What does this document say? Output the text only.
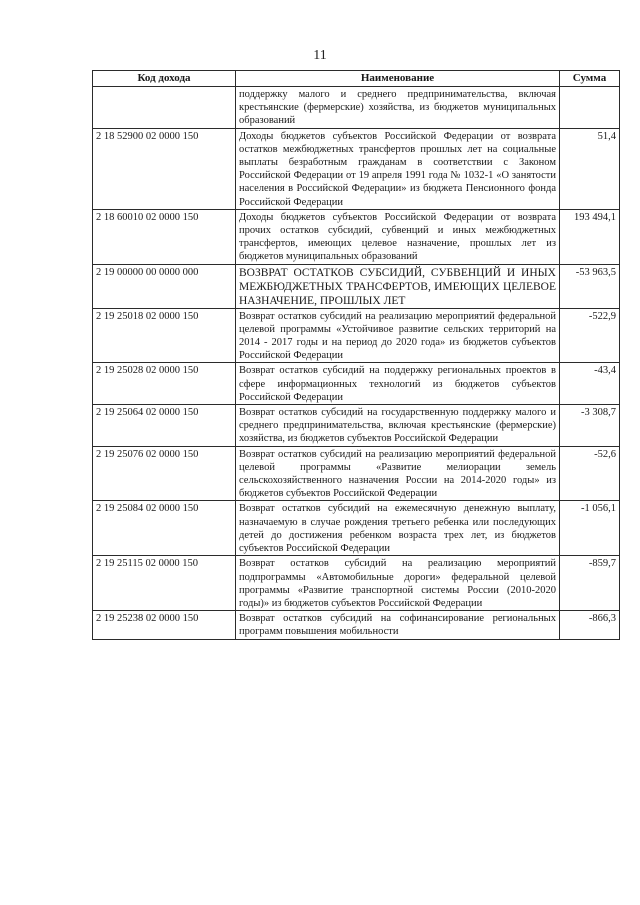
11
Код дохода	Наименование	Сумма
	поддержку малого и среднего предпринимательства, включая крестьянские (фермерские) хозяйства, из бюджетов муниципальных образований	
2 18 52900 02 0000 150	Доходы бюджетов субъектов Российской Федерации от возврата остатков межбюджетных трансфертов прошлых лет на социальные выплаты безработным гражданам в соответствии с Законом Российской Федерации от 19 апреля 1991 года № 1032-1 «О занятости населения в Российской Федерации» из бюджета Пенсионного фонда Российской Федерации	51,4
2 18 60010 02 0000 150	Доходы бюджетов субъектов Российской Федерации от возврата прочих остатков субсидий, субвенций и иных межбюджетных трансфертов, имеющих целевое назначение, прошлых лет из бюджетов муниципальных образований	193 494,1
2 19 00000 00 0000 000	ВОЗВРАТ ОСТАТКОВ СУБСИДИЙ, СУБВЕНЦИЙ И ИНЫХ МЕЖБЮДЖЕТНЫХ ТРАНСФЕРТОВ, ИМЕЮЩИХ ЦЕЛЕВОЕ НАЗНАЧЕНИЕ, ПРОШЛЫХ ЛЕТ	-53 963,5
2 19 25018 02 0000 150	Возврат остатков субсидий на реализацию мероприятий федеральной целевой программы «Устойчивое развитие сельских территорий на 2014 - 2017 годы и на период до 2020 года» из бюджетов субъектов Российской Федерации	-522,9
2 19 25028 02 0000 150	Возврат остатков субсидий на поддержку региональных проектов в сфере информационных технологий из бюджетов субъектов Российской Федерации	-43,4
2 19 25064 02 0000 150	Возврат остатков субсидий на государственную поддержку малого и среднего предпринимательства, включая крестьянские (фермерские) хозяйства, из бюджетов субъектов Российской Федерации	-3 308,7
2 19 25076 02 0000 150	Возврат остатков субсидий на реализацию мероприятий федеральной целевой программы «Развитие мелиорации земель сельскохозяйственного назначения России на 2014-2020 годы» из бюджетов субъектов Российской Федерации	-52,6
2 19 25084 02 0000 150	Возврат остатков субсидий на ежемесячную денежную выплату, назначаемую в случае рождения третьего ребенка или последующих детей до достижения ребенком возраста трех лет, из бюджетов субъектов Российской Федерации	-1 056,1
2 19 25115 02 0000 150	Возврат остатков субсидий на реализацию мероприятий подпрограммы «Автомобильные дороги» федеральной целевой программы «Развитие транспортной системы России (2010-2020 годы)» из бюджетов субъектов Российской Федерации	-859,7
2 19 25238 02 0000 150	Возврат остатков субсидий на софинансирование региональных программ повышения мобильности	-866,3
